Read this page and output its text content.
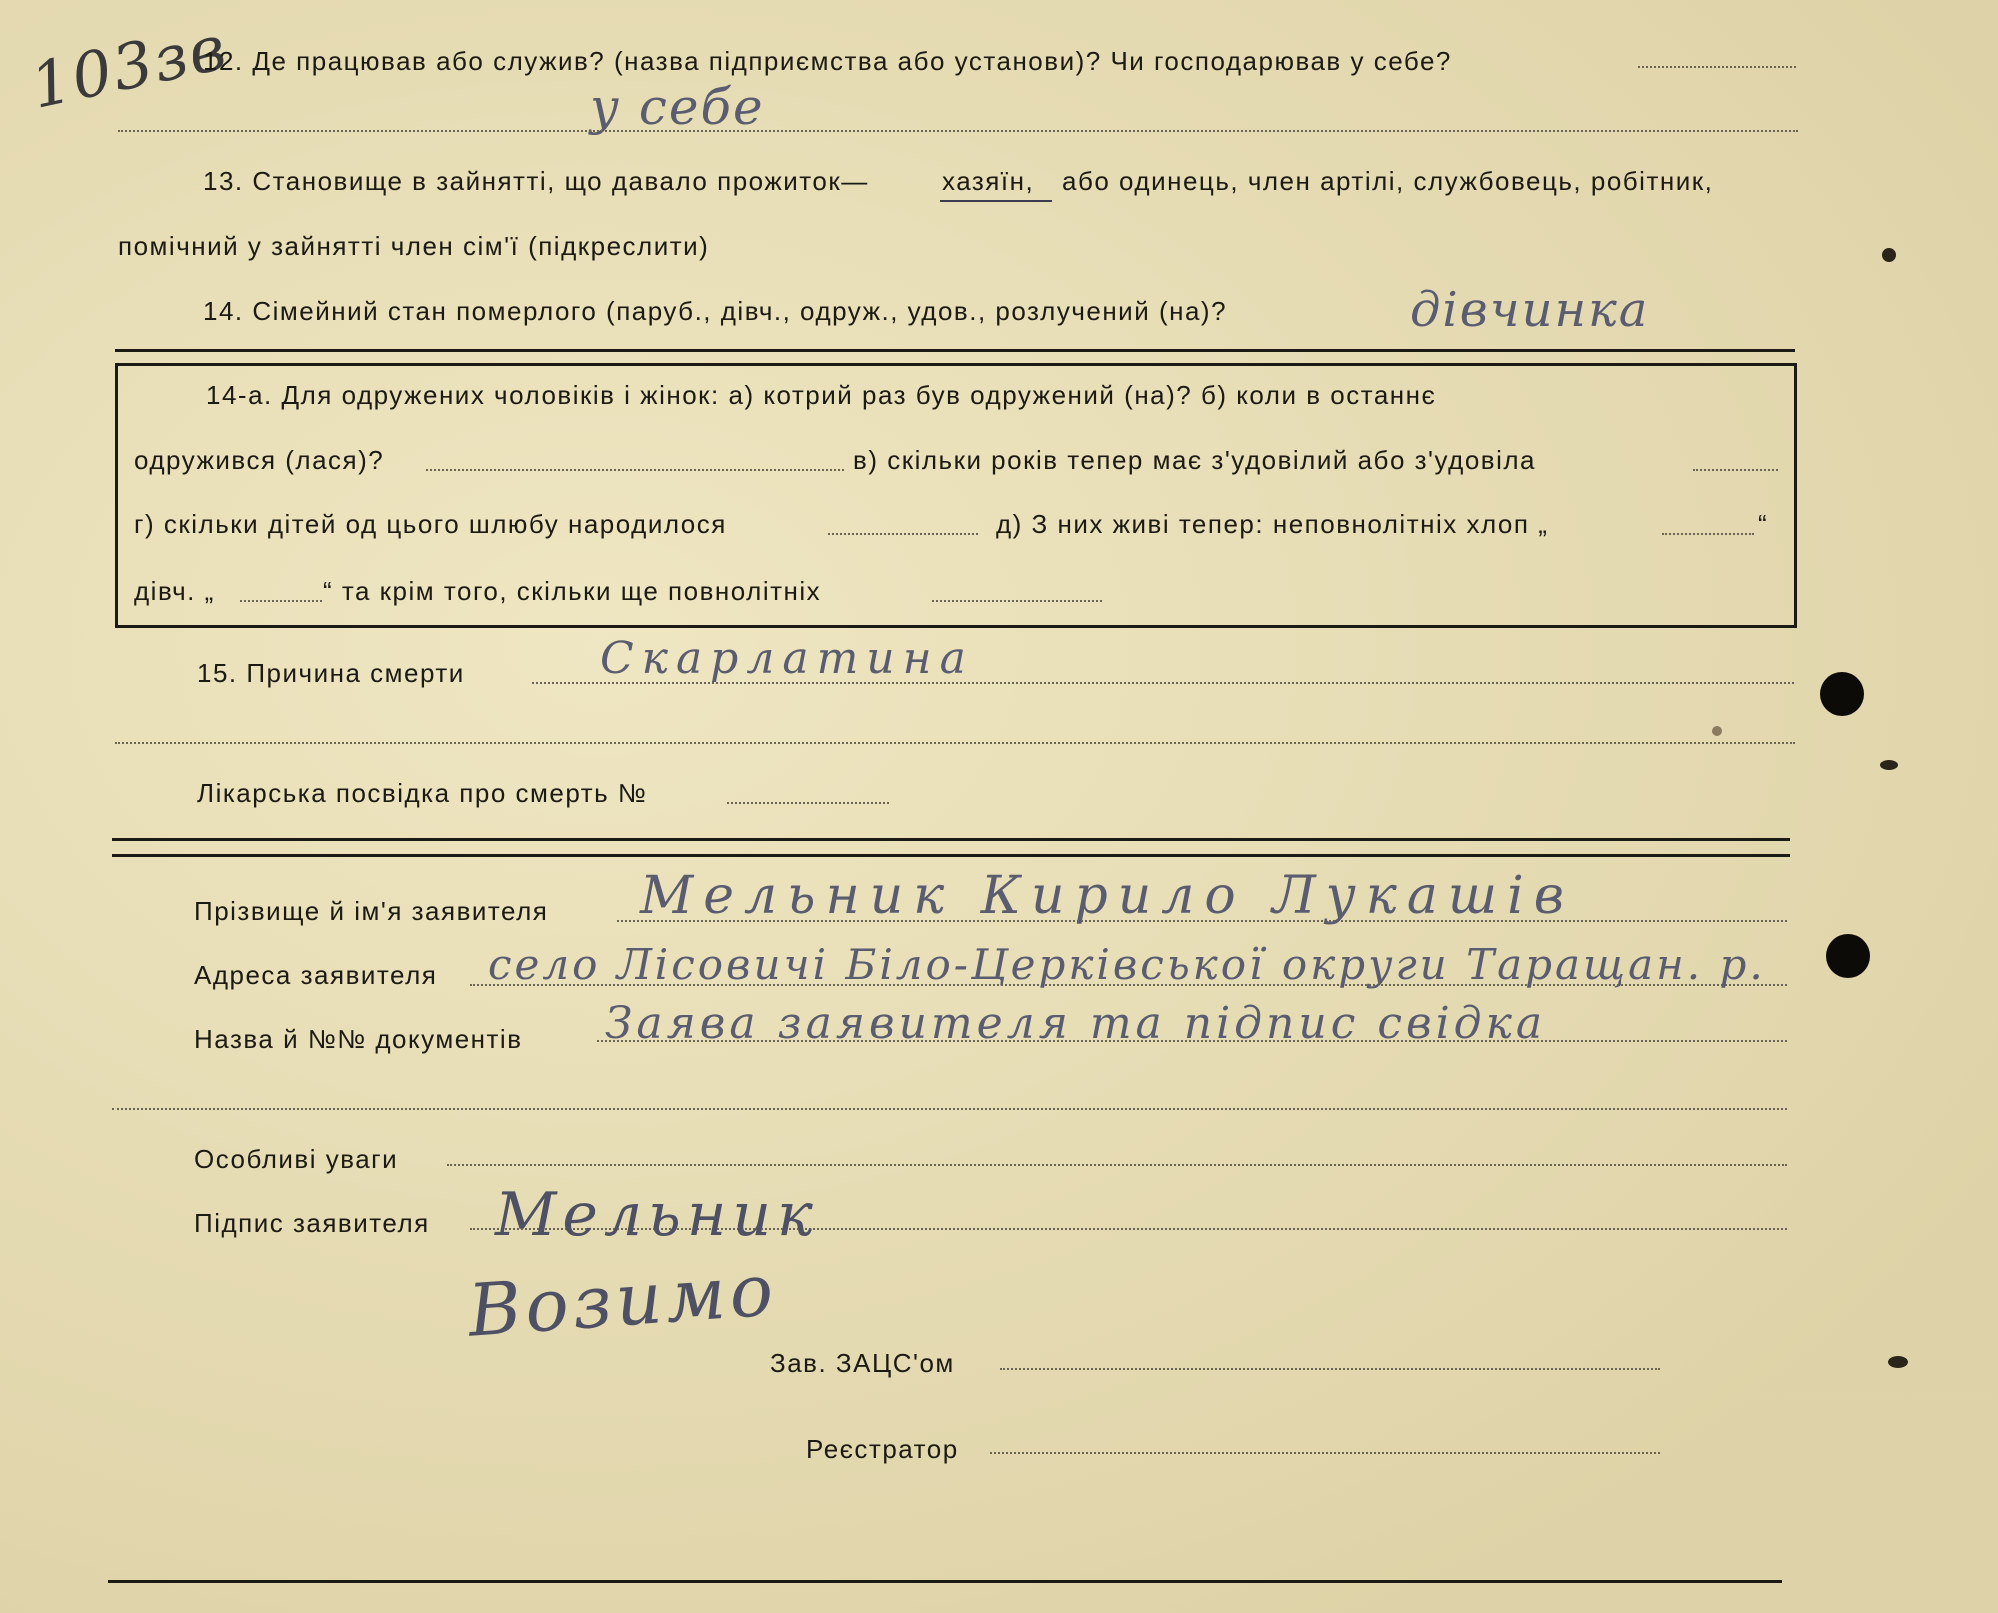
103зв
12. Де працював або служив? (назва підприємства або установи)? Чи господарював у себе?
у себе
13. Становище в зайнятті, що давало прожиток—	хазяїн, або одинець, член артілі, службовець, робітник,
помічний у зайнятті член сім'ї (підкреслити)
14. Сімейний стан померлого (паруб., дівч., одруж., удов., розлучений (на)?	дівчинка
14-а. Для одружених чоловіків і жінок: а) котрий раз був одружений (на)? б) коли в останнє
одружився (лася)?	в) скільки років тепер має з'удовілий або з'удовіла
г) скільки дітей од цього шлюбу народилося	д) З них живі тепер: неповнолітніх хлоп „	“
дівч. „	“ та крім того, скільки ще повнолітніх
15. Причина смерти	Скарлатина
Лікарська посвідка про смерть №
Прізвище й ім'я заявителя Мельник Кирило Лукашів
Адреса заявителя село Лісовичі Біло-Церківської округи Таращан. р.
Назва й №№ документів Заява заявителя та підпис свідка
Особливі уваги
Підпис заявителя Мельник
Возимо
Зав. ЗАЦС'ом
Реєстратор
